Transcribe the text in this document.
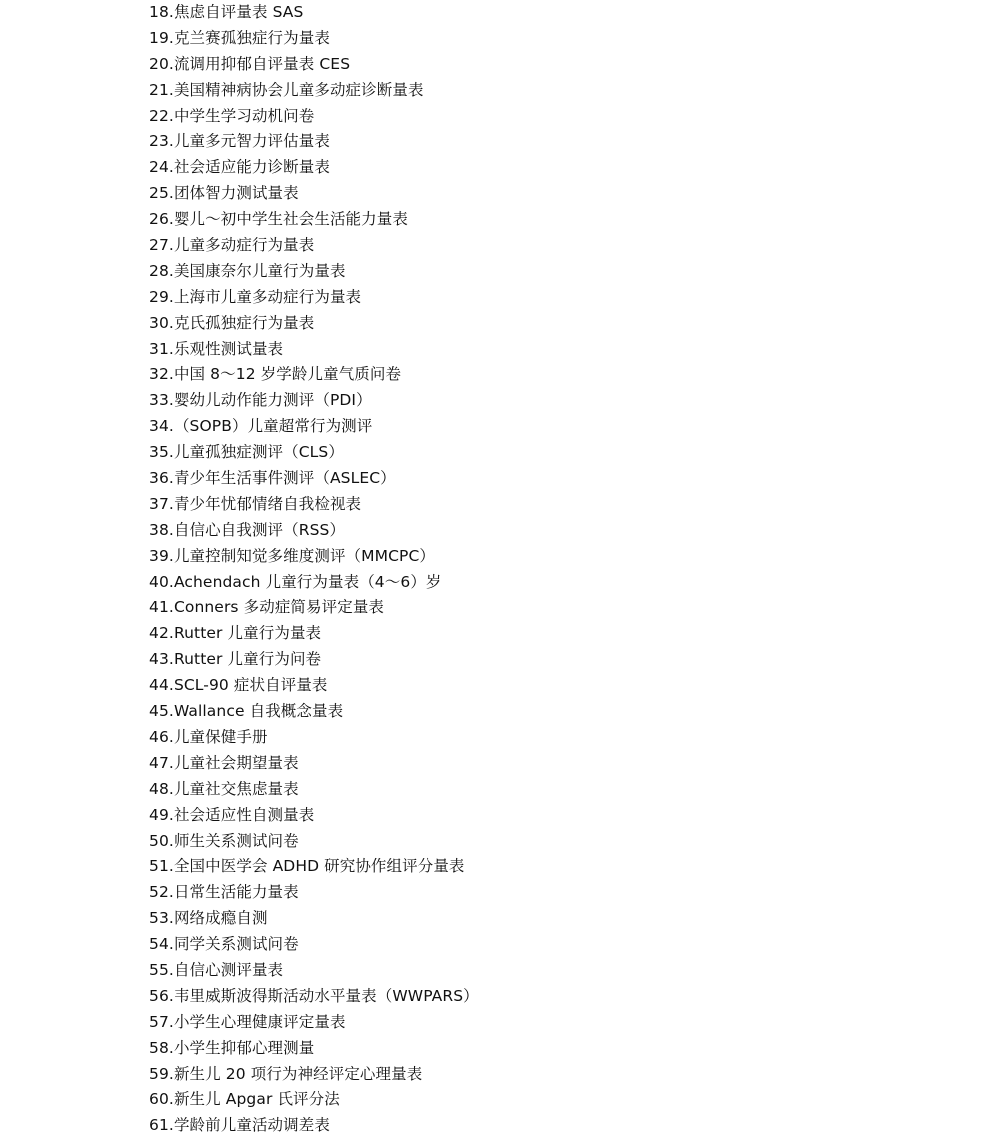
18.焦虑自评量表 SAS
19.克兰赛孤独症行为量表
20.流调用抑郁自评量表 CES
21.美国精神病协会儿童多动症诊断量表
22.中学生学习动机问卷
23.儿童多元智力评估量表
24.社会适应能力诊断量表
25.团体智力测试量表
26.婴儿～初中学生社会生活能力量表
27.儿童多动症行为量表
28.美国康奈尔儿童行为量表
29.上海市儿童多动症行为量表
30.克氏孤独症行为量表
31.乐观性测试量表
32.中国 8～12 岁学龄儿童气质问卷
33.婴幼儿动作能力测评（PDI）
34.（SOPB）儿童超常行为测评
35.儿童孤独症测评（CLS）
36.青少年生活事件测评（ASLEC）
37.青少年忧郁情绪自我检视表
38.自信心自我测评（RSS）
39.儿童控制知觉多维度测评（MMCPC）
40.Achendach 儿童行为量表（4～6）岁
41.Conners 多动症简易评定量表
42.Rutter 儿童行为量表
43.Rutter 儿童行为问卷
44.SCL-90 症状自评量表
45.Wallance 自我概念量表
46.儿童保健手册
47.儿童社会期望量表
48.儿童社交焦虑量表
49.社会适应性自测量表
50.师生关系测试问卷
51.全国中医学会 ADHD 研究协作组评分量表
52.日常生活能力量表
53.网络成瘾自测
54.同学关系测试问卷
55.自信心测评量表
56.韦里威斯波得斯活动水平量表（WWPARS）
57.小学生心理健康评定量表
58.小学生抑郁心理测量
59.新生儿 20 项行为神经评定心理量表
60.新生儿 Apgar 氏评分法
61.学龄前儿童活动调差表
